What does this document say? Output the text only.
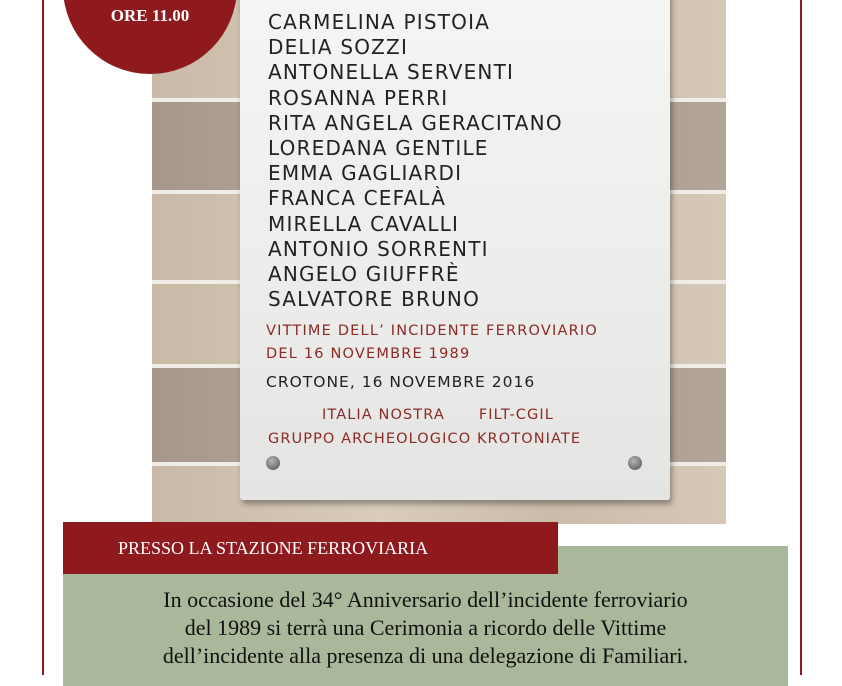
CARMELINA PISTOIA
DELIA SOZZI
ANTONELLA SERVENTI
ROSANNA PERRI
RITA ANGELA GERACITANO
LOREDANA GENTILE
EMMA GAGLIARDI
FRANCA CEFALÀ
MIRELLA CAVALLI
ANTONIO SORRENTI
ANGELO GIUFFRÈ
SALVATORE BRUNO
VITTIME DELL’ INCIDENTE FERROVIARIO
DEL 16 NOVEMBRE 1989
CROTONE, 16 NOVEMBRE 2016
ITALIA NOSTRA FILT-CGIL
GRUPPO ARCHEOLOGICO KROTONIATE
ORE 11.00
PRESSO LA STAZIONE FERROVIARIA
In occasione del 34° Anniversario dell’incidente ferroviario
del 1989 si terrà una Cerimonia a ricordo delle Vittime
dell’incidente alla presenza di una delegazione di Familiari.
